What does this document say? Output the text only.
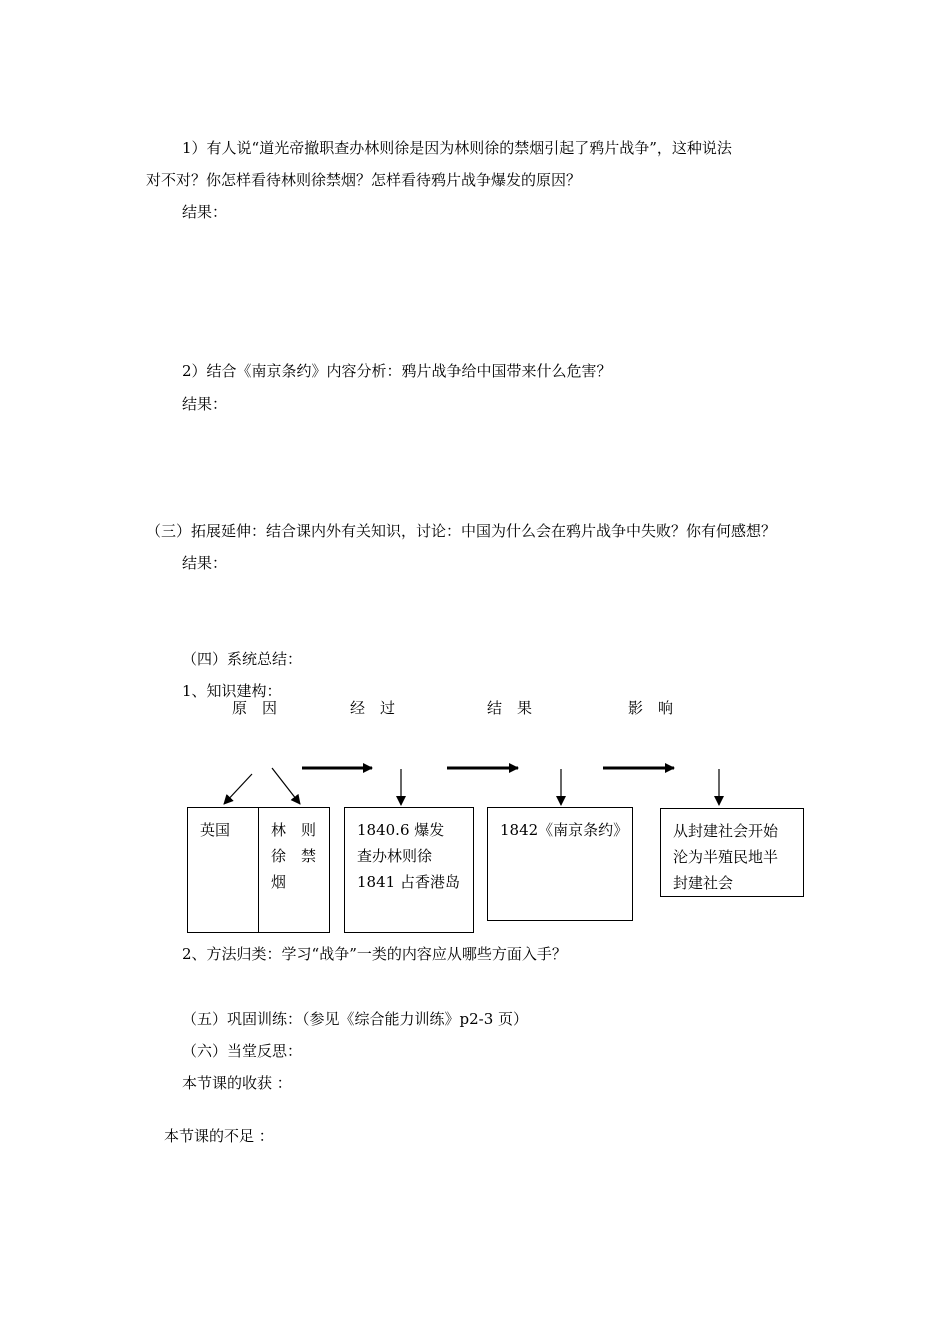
1）有人说“道光帝撤职查办林则徐是因为林则徐的禁烟引起了鸦片战争”，这种说法
对不对？你怎样看待林则徐禁烟？怎样看待鸦片战争爆发的原因？
结果：
2）结合《南京条约》内容分析：鸦片战争给中国带来什么危害？
结果：
（三）拓展延伸：结合课内外有关知识，讨论：中国为什么会在鸦片战争中失败？你有何感想？
结果：
（四）系统总结：
1、知识建构：
原　因	经　过	结　果	影　响
英国	林　则
徐　禁
烟
1840.6 爆发
查办林则徐
1841 占香港岛
1842《南京条约》	从封建社会开始
沦为半殖民地半
封建社会
2、方法归类：学习“战争”一类的内容应从哪些方面入手？
（五）巩固训练：（参见《综合能力训练》p2-3 页）
（六）当堂反思：
本节课的收获 ：
本节课的不足 ：
